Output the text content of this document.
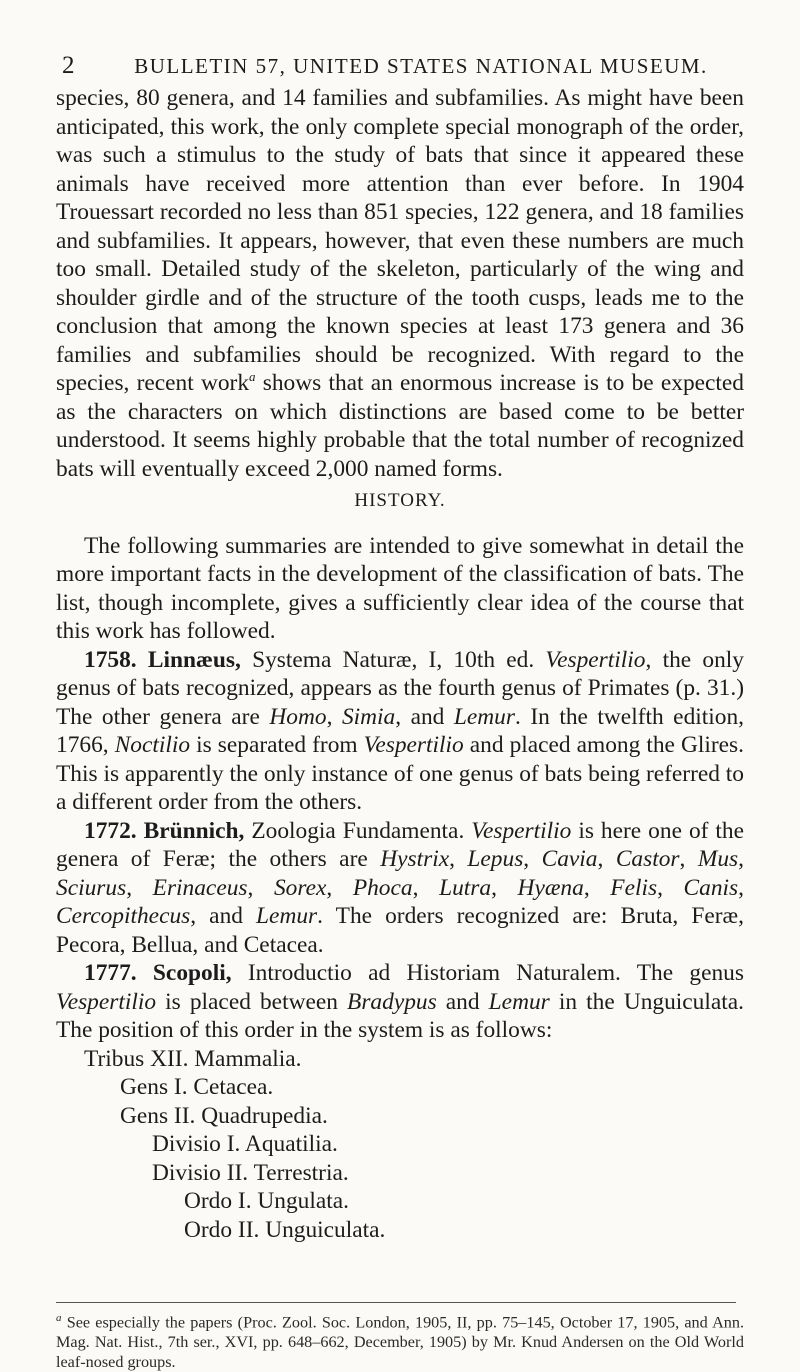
2	BULLETIN 57, UNITED STATES NATIONAL MUSEUM.

species, 80 genera, and 14 families and subfamilies. As might have been anticipated, this work, the only complete special monograph of the order, was such a stimulus to the study of bats that since it appeared these animals have received more attention than ever before. In 1904 Trouessart recorded no less than 851 species, 122 genera, and 18 families and subfamilies. It appears, however, that even these numbers are much too small. Detailed study of the skeleton, particularly of the wing and shoulder girdle and of the structure of the tooth cusps, leads me to the conclusion that among the known species at least 173 genera and 36 families and subfamilies should be recognized. With regard to the species, recent work$^a$ shows that an enormous increase is to be expected as the characters on which distinctions are based come to be better understood. It seems highly probable that the total number of recognized bats will eventually exceed 2,000 named forms.

HISTORY.

The following summaries are intended to give somewhat in detail the more important facts in the development of the classification of bats. The list, though incomplete, gives a sufficiently clear idea of the course that this work has followed.

1758. Linnæus, Systema Naturæ, I, 10th ed. Vespertilio, the only genus of bats recognized, appears as the fourth genus of Primates (p. 31.) The other genera are Homo, Simia, and Lemur. In the twelfth edition, 1766, Noctilio is separated from Vespertilio and placed among the Glires. This is apparently the only instance of one genus of bats being referred to a different order from the others.

1772. Brünnich, Zoologia Fundamenta. Vespertilio is here one of the genera of Feræ; the others are Hystrix, Lepus, Cavia, Castor, Mus, Sciurus, Erinaceus, Sorex, Phoca, Lutra, Hyæna, Felis, Canis, Cercopithecus, and Lemur. The orders recognized are: Bruta, Feræ, Pecora, Bellua, and Cetacea.

1777. Scopoli, Introductio ad Historiam Naturalem. The genus Vespertilio is placed between Bradypus and Lemur in the Unguiculata. The position of this order in the system is as follows:

Tribus XII. Mammalia.

Gens I. Cetacea.

Gens II. Quadrupedia.

Divisio I. Aquatilia.

Divisio II. Terrestria.

Ordo I. Ungulata.

Ordo II. Unguiculata.

$^a$ See especially the papers (Proc. Zool. Soc. London, 1905, II, pp. 75–145, October 17, 1905, and Ann. Mag. Nat. Hist., 7th ser., XVI, pp. 648–662, December, 1905) by Mr. Knud Andersen on the Old World leaf-nosed groups.
